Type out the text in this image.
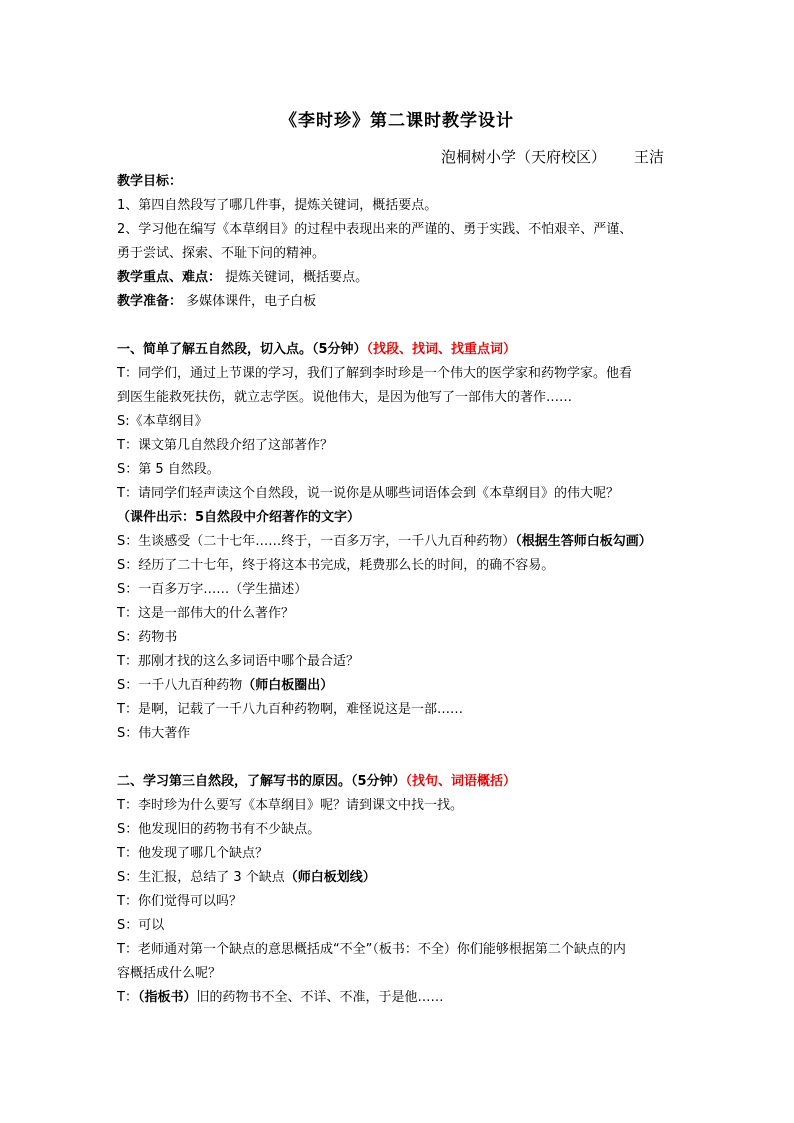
《李时珍》第二课时教学设计
泡桐树小学（天府校区） 王洁
教学目标：
1、第四自然段写了哪几件事，提炼关键词，概括要点。
2、学习他在编写《本草纲目》的过程中表现出来的严谨的、勇于实践、不怕艰辛、严谨、
勇于尝试、探索、不耻下问的精神。
教学重点、难点： 提炼关键词，概括要点。
教学准备： 多媒体课件，电子白板
一、简单了解五自然段，切入点。（5分钟）（找段、找词、找重点词）
T：同学们，通过上节课的学习，我们了解到李时珍是一个伟大的医学家和药物学家。他看
到医生能救死扶伤，就立志学医。说他伟大，是因为他写了一部伟大的著作……
S:《本草纲目》
T：课文第几自然段介绍了这部著作？
S：第 5 自然段。
T：请同学们轻声读这个自然段，说一说你是从哪些词语体会到《本草纲目》的伟大呢？
（课件出示：5自然段中介绍著作的文字）
S：生谈感受（二十七年……终于，一百多万字，一千八九百种药物）（根据生答师白板勾画）
S：经历了二十七年，终于将这本书完成，耗费那么长的时间，的确不容易。
S：一百多万字……（学生描述）
T：这是一部伟大的什么著作？
S：药物书
T：那刚才找的这么多词语中哪个最合适？
S：一千八九百种药物（师白板圈出）
T：是啊，记载了一千八九百种药物啊，难怪说这是一部……
S：伟大著作
二、学习第三自然段，了解写书的原因。（5分钟）（找句、词语概括）
T：李时珍为什么要写《本草纲目》呢？请到课文中找一找。
S：他发现旧的药物书有不少缺点。
T：他发现了哪几个缺点？
S：生汇报，总结了 3 个缺点（师白板划线）
T：你们觉得可以吗？
S：可以
T：老师通对第一个缺点的意思概括成“不全”（板书：不全）你们能够根据第二个缺点的内
容概括成什么呢？
T：（指板书）旧的药物书不全、不详、不准，于是他……
